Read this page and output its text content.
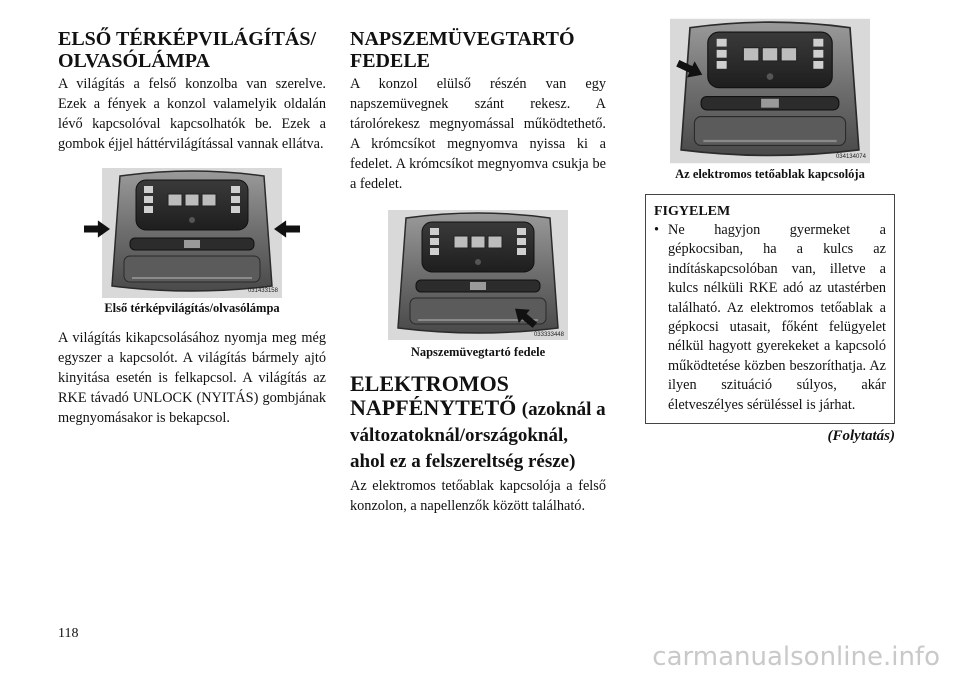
ELSŐ TÉRKÉPVILÁGÍTÁS/ OLVASÓLÁMPA

A világítás a felső konzolba van szerelve. Ezek a fények a konzol valamelyik oldalán lévő kapcsolóval kapcsolhatók be. Ezek a gombok éjjel háttérvilágítással vannak ellátva.

031433158
Első térképvilágítás/olvasólámpa

A világítás kikapcsolásához nyomja meg még egyszer a kapcsolót. A világítás bármely ajtó kinyitása esetén is felkapcsol. A világítás az RKE távadó UNLOCK (NYITÁS) gombjának megnyomásakor is bekapcsol.

NAPSZEMÜVEGTARTÓ FEDELE

A konzol elülső részén van egy napszemüvegnek szánt rekesz. A tárolórekesz megnyomással működtethető. A krómcsíkot megnyomva nyissa ki a fedelet. A krómcsíkot megnyomva csukja be a fedelet.

033333448
Napszemüvegtartó fedele
ELEKTROMOS NAPFÉNYTETŐ (azoknál a változatoknál/országoknál, ahol ez a felszereltség része)

Az elektromos tetőablak kapcsolója a felső konzolon, a napellenzők között található.

034134074
Az elektromos tetőablak kapcsolója
FIGYELEM
• Ne hagyjon gyermeket a gépkocsiban, ha a kulcs az indításkapcsolóban van, illetve a kulcs nélküli RKE adó az utastérben található. Az elektromos tetőablak a gépkocsi utasait, főként felügyelet nélkül hagyott gyerekeket a kapcsoló működtetése közben beszoríthatja. Az ilyen szituáció súlyos, akár életveszélyes sérüléssel is járhat.
(Folytatás)
118
carmanualsonline.info
